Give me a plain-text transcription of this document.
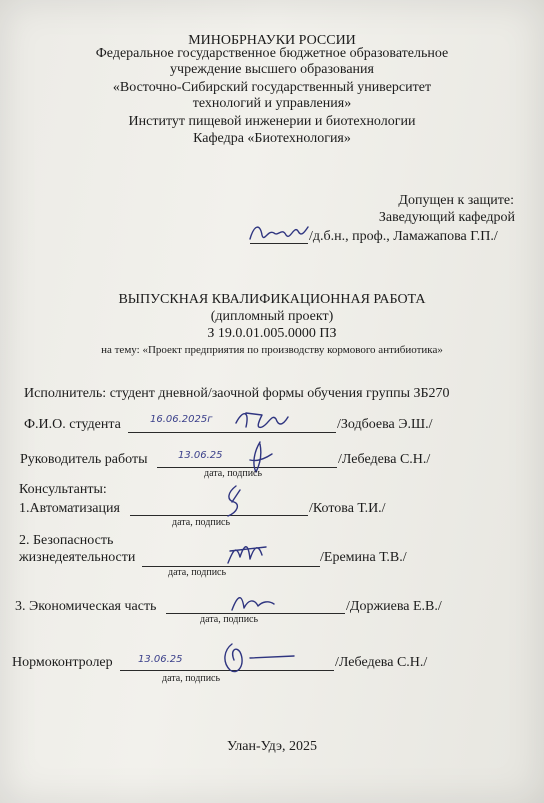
МИНОБРНАУКИ РОССИИ
Федеральное государственное бюджетное образовательное
учреждение высшего образования
«Восточно-Сибирский государственный университет
технологий и управления»
Институт пищевой инженерии и биотехнологии
Кафедра «Биотехнология»
Допущен к защите:
Заведующий кафедрой
/д.б.н., проф., Ламажапова Г.П./
ВЫПУСКНАЯ КВАЛИФИКАЦИОННАЯ РАБОТА
(дипломный проект)
З 19.0.01.005.0000 ПЗ
на тему: «Проект предприятия по производству кормового антибиотика»
Исполнитель: студент дневной/заочной формы обучения группы ЗБ270
Ф.И.О. студента	16.06.2025г	/Зодбоева Э.Ш./
Руководитель работы	13.06.25	/Лебедева С.Н./
дата, подпись
Консультанты:
1.Автоматизация	/Котова Т.И./
дата, подпись
2. Безопасность
жизнедеятельности	/Еремина Т.В./
дата, подпись
3. Экономическая часть	/Доржиева Е.В./
дата, подпись
Нормоконтролер	13.06.25	/Лебедева С.Н./
дата, подпись
Улан-Удэ, 2025
